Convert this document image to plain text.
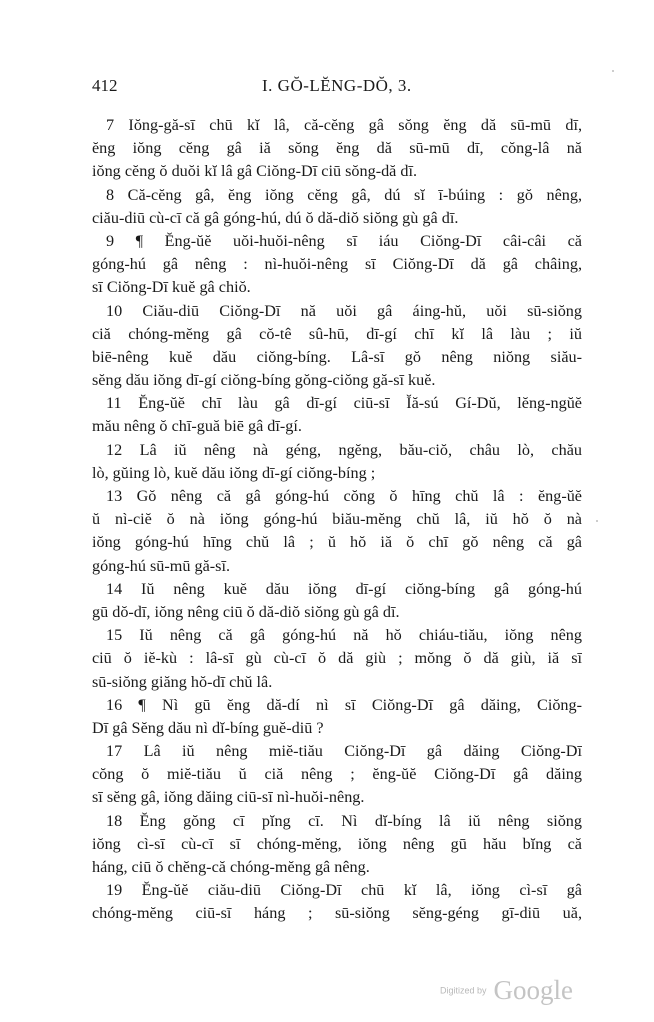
412	I. GŎ-LĔNG-DŎ, 3.
7 Iŏng-gă-sī chū kĭ lâ, că-cĕng gâ sŏng ĕng dă sū-mū dī,
ĕng iŏng cĕng gâ iă sŏng ĕng dă sū-mū dī, cŏng-lâ nă
iŏng cĕng ŏ duŏi kĭ lâ gâ Ciŏng-Dī ciū sŏng-dă dī.
8 Că-cĕng gâ, ĕng iŏng cĕng gâ, dú sĭ ī-búing : gŏ nêng,
ciău-diū cù-cī că gâ góng-hú, dú ŏ dă-diŏ siŏng gù gâ dī.
9 ¶ Ĕng-ŭĕ uŏi-huŏi-nêng sī iáu Ciŏng-Dī câi-câi că
góng-hú gâ nêng : nì-huŏi-nêng sī Ciŏng-Dī dă gâ châing,
sī Ciŏng-Dī kuĕ gâ chiŏ.
10 Ciău-diū Ciŏng-Dī nă uŏi gâ áing-hŭ, uŏi sū-siŏng
ciă chóng-mĕng gâ cŏ-tê sû-hū, dī-gí chī kĭ lâ làu ; iŭ
biē-nêng kuĕ dău ciŏng-bíng. Lâ-sī gŏ nêng niŏng siău-
sĕng dău iŏng dī-gí ciŏng-bíng gŏng-ciŏng gă-sī kuĕ.
11 Ĕng-ŭĕ chī làu gâ dī-gí ciū-sī Ĭă-sú Gí-Dŭ, lĕng-ngŭĕ
mău nêng ŏ chī-guă biē gâ dī-gí.
12 Lâ iŭ nêng nà géng, ngĕng, bău-ciŏ, châu lò, chău
lò, gŭing lò, kuĕ dău iŏng dī-gí ciŏng-bíng ;
13 Gŏ nêng că gâ góng-hú cŏng ŏ hīng chŭ lâ : ĕng-ŭĕ
ŭ nì-ciĕ ŏ nà iŏng góng-hú biău-mĕng chŭ lâ, iŭ hŏ ŏ nà
iŏng góng-hú hīng chŭ lâ ; ŭ hŏ iă ŏ chī gŏ nêng că gâ
góng-hú sū-mū gă-sī.
14 Iŭ nêng kuĕ dău iŏng dī-gí ciŏng-bíng gâ góng-hú
gū dŏ-dī, iŏng nêng ciū ŏ dă-diŏ siŏng gù gâ dī.
15 Iŭ nêng că gâ góng-hú nă hŏ chiáu-tiău, iŏng nêng
ciū ŏ iĕ-kù : lâ-sī gù cù-cī ŏ dă giù ; mŏng ŏ dă giù, iă sī
sū-siŏng giăng hŏ-dī chŭ lâ.
16 ¶ Nì gū ĕng dă-dí nì sī Ciŏng-Dī gâ dăing, Ciŏng-
Dī gâ Sĕng dău nì dĭ-bíng guĕ-diū ?
17 Lâ iŭ nêng miĕ-tiău Ciŏng-Dī gâ dăing Ciŏng-Dī
cŏng ŏ miĕ-tiău ŭ ciă nêng ; ĕng-ŭĕ Ciŏng-Dī gâ dăing
sī sĕng gâ, iŏng dăing ciū-sī nì-huŏi-nêng.
18 Ĕng gŏng cī pĭng cī. Nì dĭ-bíng lâ iŭ nêng siŏng
iŏng cì-sī cù-cī sī chóng-mĕng, iŏng nêng gū hău bĭng că
háng, ciū ŏ chĕng-că chóng-mĕng gâ nêng.
19 Ĕng-ŭĕ ciău-diū Ciŏng-Dī chū kĭ lâ, iŏng cì-sī gâ
chóng-mĕng ciū-sī háng ; sū-siŏng sĕng-géng gī-diū uă,
Digitized by Google
